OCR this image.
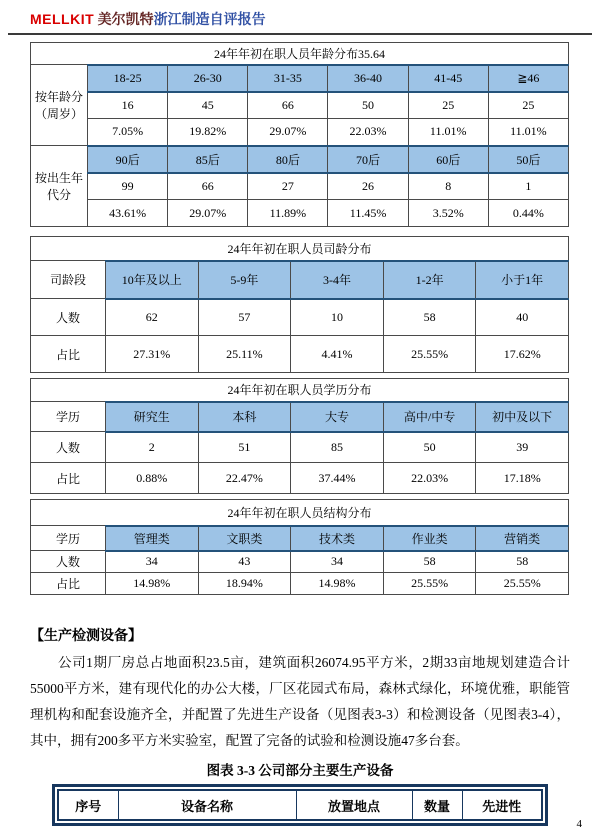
MELLKIT 美尔凯特浙江制造自评报告
24年年初在职人员年龄分布35.64						
按年龄分（周岁）	18-25	26-30	31-35	36-40	41-45	≧46
	16	45	66	50	25	25
	7.05%	19.82%	29.07%	22.03%	11.01%	11.01%
按出生年代分	90后	85后	80后	70后	60后	50后
	99	66	27	26	8	1
	43.61%	29.07%	11.89%	11.45%	3.52%	0.44%
24年年初在职人员司龄分布					
司龄段	10年及以上	5-9年	3-4年	1-2年	小于1年
人数	62	57	10	58	40
占比	27.31%	25.11%	4.41%	25.55%	17.62%
24年年初在职人员学历分布					
学历	研究生	本科	大专	高中/中专	初中及以下
人数	2	51	85	50	39
占比	0.88%	22.47%	37.44%	22.03%	17.18%
24年年初在职人员结构分布					
学历	管理类	文职类	技术类	作业类	营销类
人数	34	43	34	58	58
占比	14.98%	18.94%	14.98%	25.55%	25.55%
【生产检测设备】
公司1期厂房总占地面积23.5亩，建筑面积26074.95平方米，2期33亩地规划建造合计55000平方米，建有现代化的办公大楼，厂区花园式布局，森林式绿化，环境优雅，职能管理机构和配套设施齐全，并配置了先进生产设备（见图表3-3）和检测设备（见图表3-4），其中，拥有200多平方米实验室，配置了完备的试验和检测设施47多台套。
图表 3-3 公司部分主要生产设备
序号	设备名称	放置地点	数量	先进性
4
